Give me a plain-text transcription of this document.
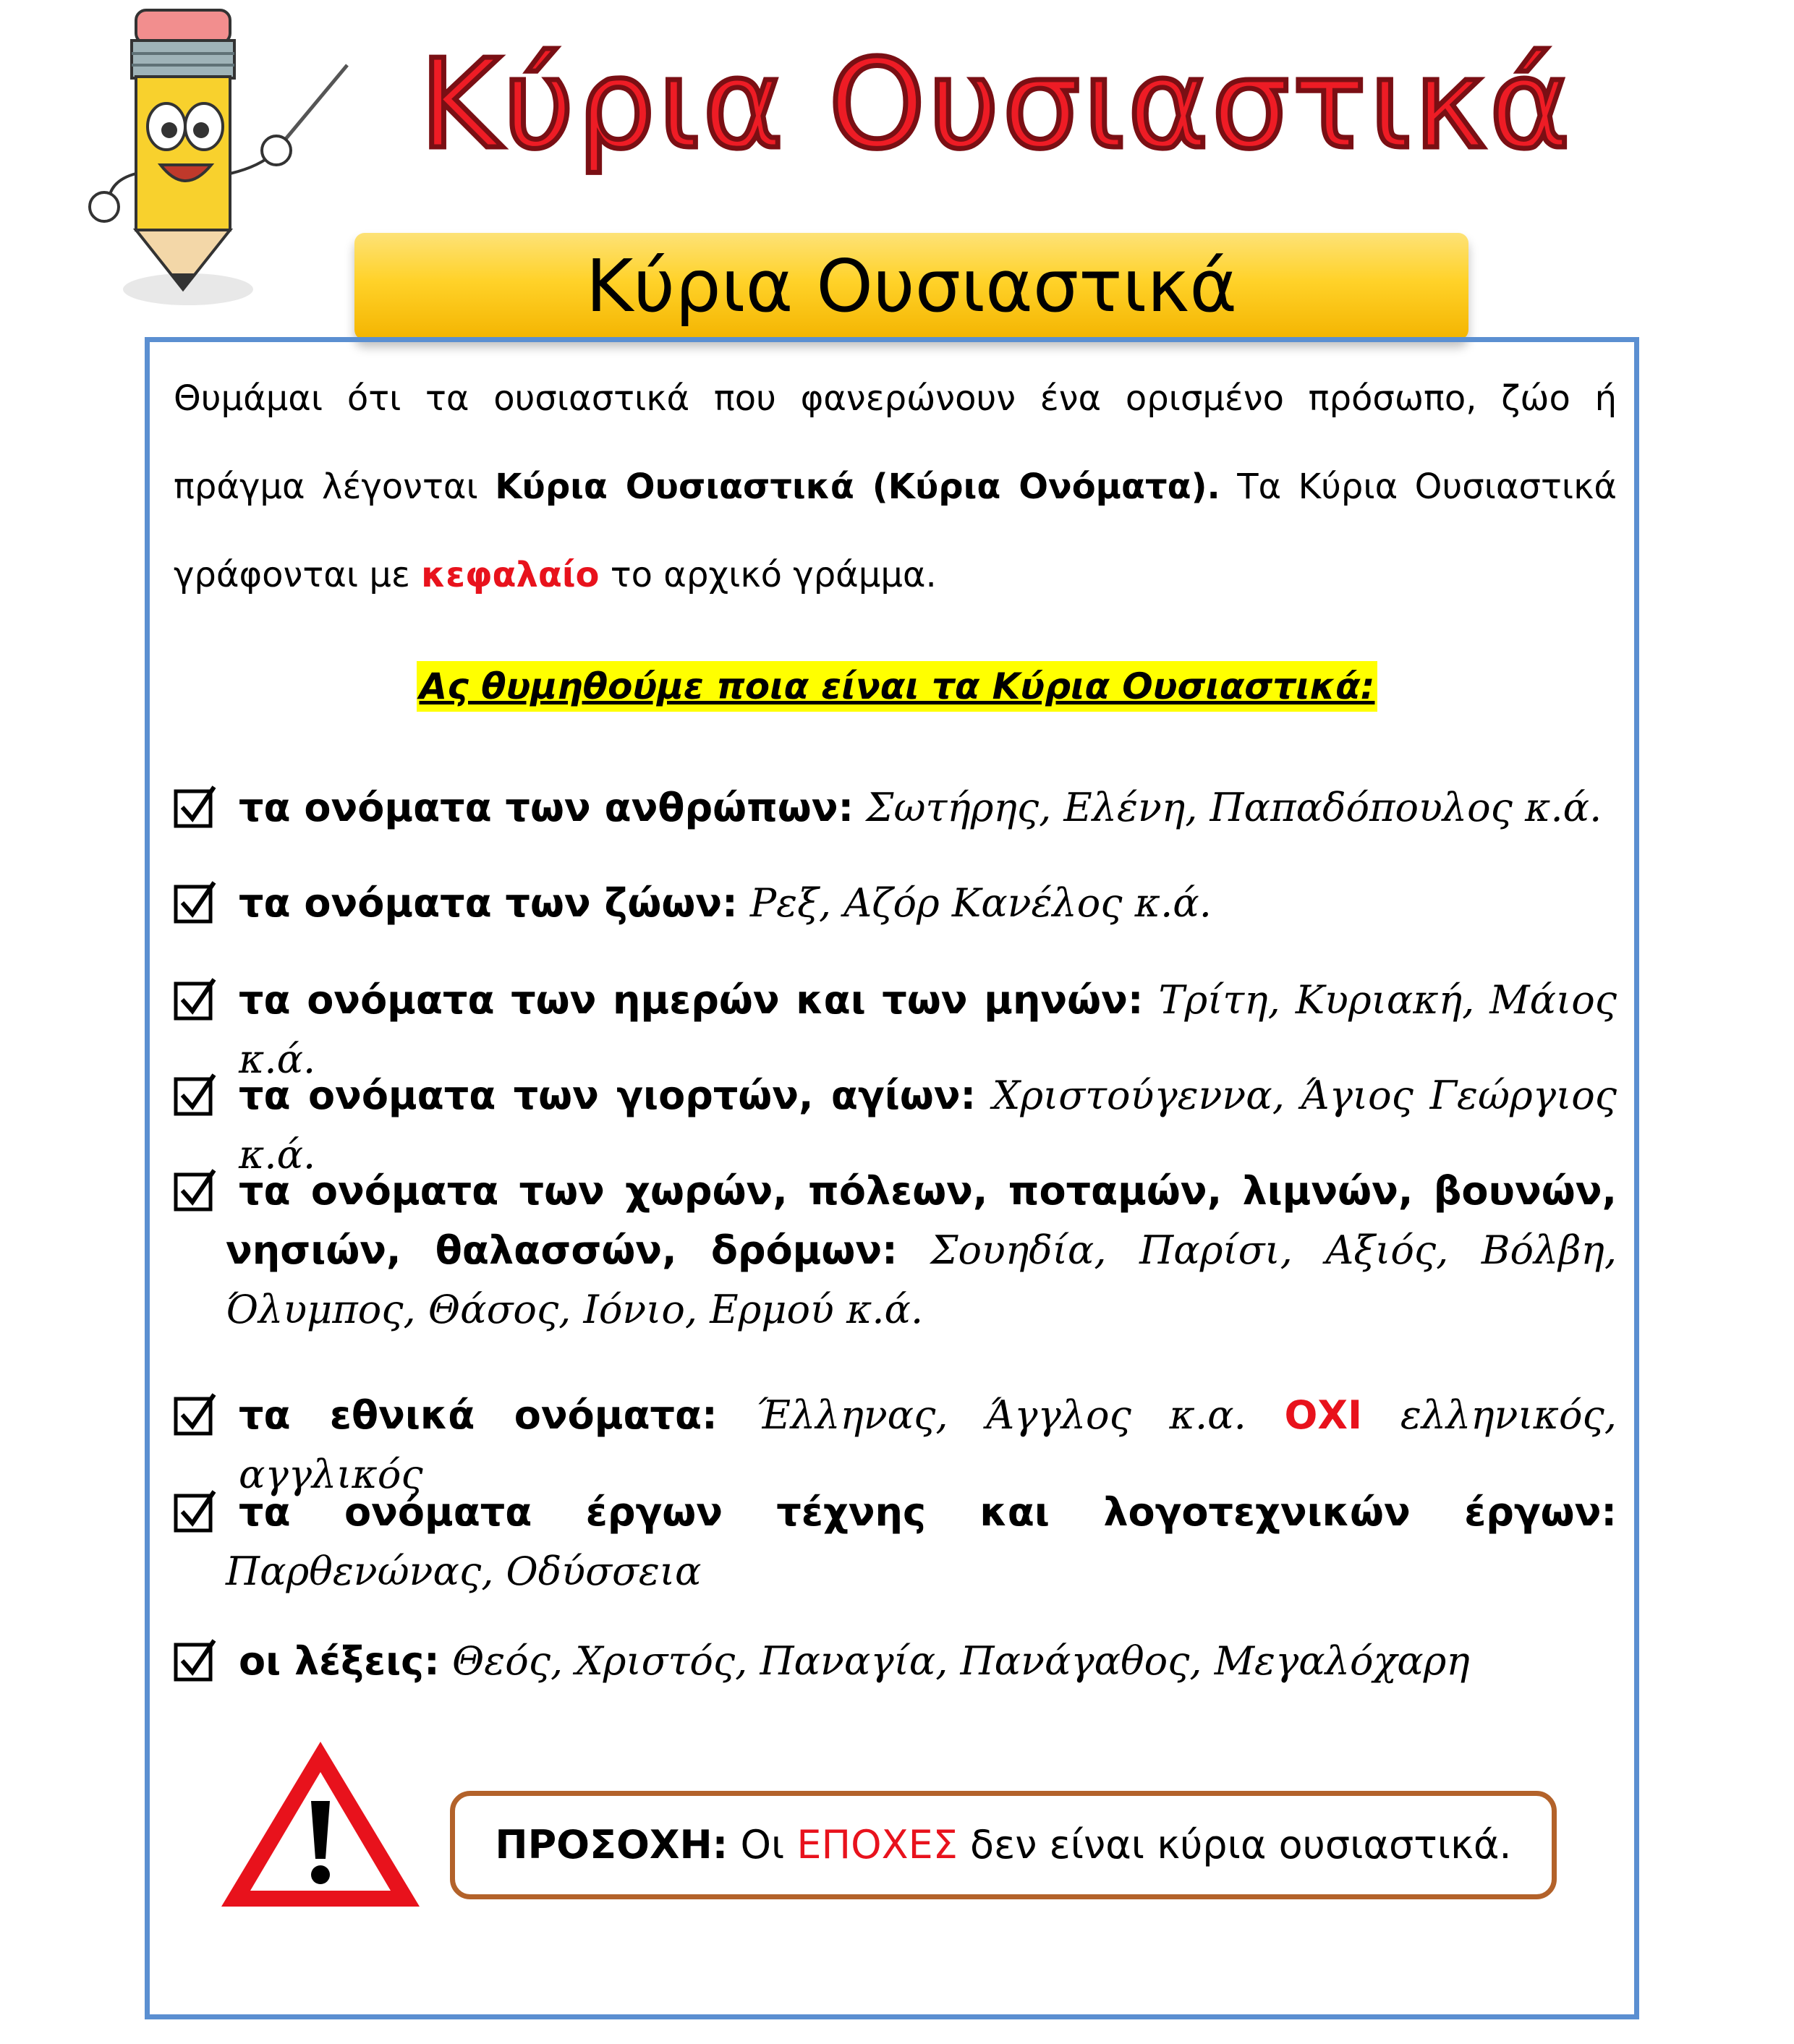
Κύρια Ουσιαστικά
Κύρια Ουσιαστικά
Θυμάμαι ότι τα ουσιαστικά που φανερώνουν ένα ορισμένο πρόσωπο, ζώο ή πράγμα λέγονται Κύρια Ουσιαστικά (Κύρια Ονόματα). Τα Κύρια Ουσιαστικά γράφονται με κεφαλαίο το αρχικό γράμμα.
Ας θυμηθούμε ποια είναι τα Κύρια Ουσιαστικά:
τα ονόματα των ανθρώπων: Σωτήρης, Ελένη, Παπαδόπουλος κ.ά.
τα ονόματα των ζώων: Ρεξ, Αζόρ Κανέλος κ.ά.
τα ονόματα των ημερών και των μηνών: Τρίτη, Κυριακή, Μάιος κ.ά.
τα ονόματα των γιορτών, αγίων: Χριστούγεννα, Άγιος Γεώργιος κ.ά.
τα ονόματα των χωρών, πόλεων, ποταμών, λιμνών, βουνών, νησιών, θαλασσών, δρόμων: Σουηδία, Παρίσι, Αξιός, Βόλβη, Όλυμπος, Θάσος, Ιόνιο, Ερμού κ.ά.
τα εθνικά ονόματα: Έλληνας, Άγγλος κ.α. ΟΧΙ ελληνικός, αγγλικός
τα ονόματα έργων τέχνης και λογοτεχνικών έργων: Παρθενώνας, Οδύσσεια
οι λέξεις: Θεός, Χριστός, Παναγία, Πανάγαθος, Μεγαλόχαρη
ΠΡΟΣΟΧΗ: Οι ΕΠΟΧΕΣ δεν είναι κύρια ουσιαστικά.
